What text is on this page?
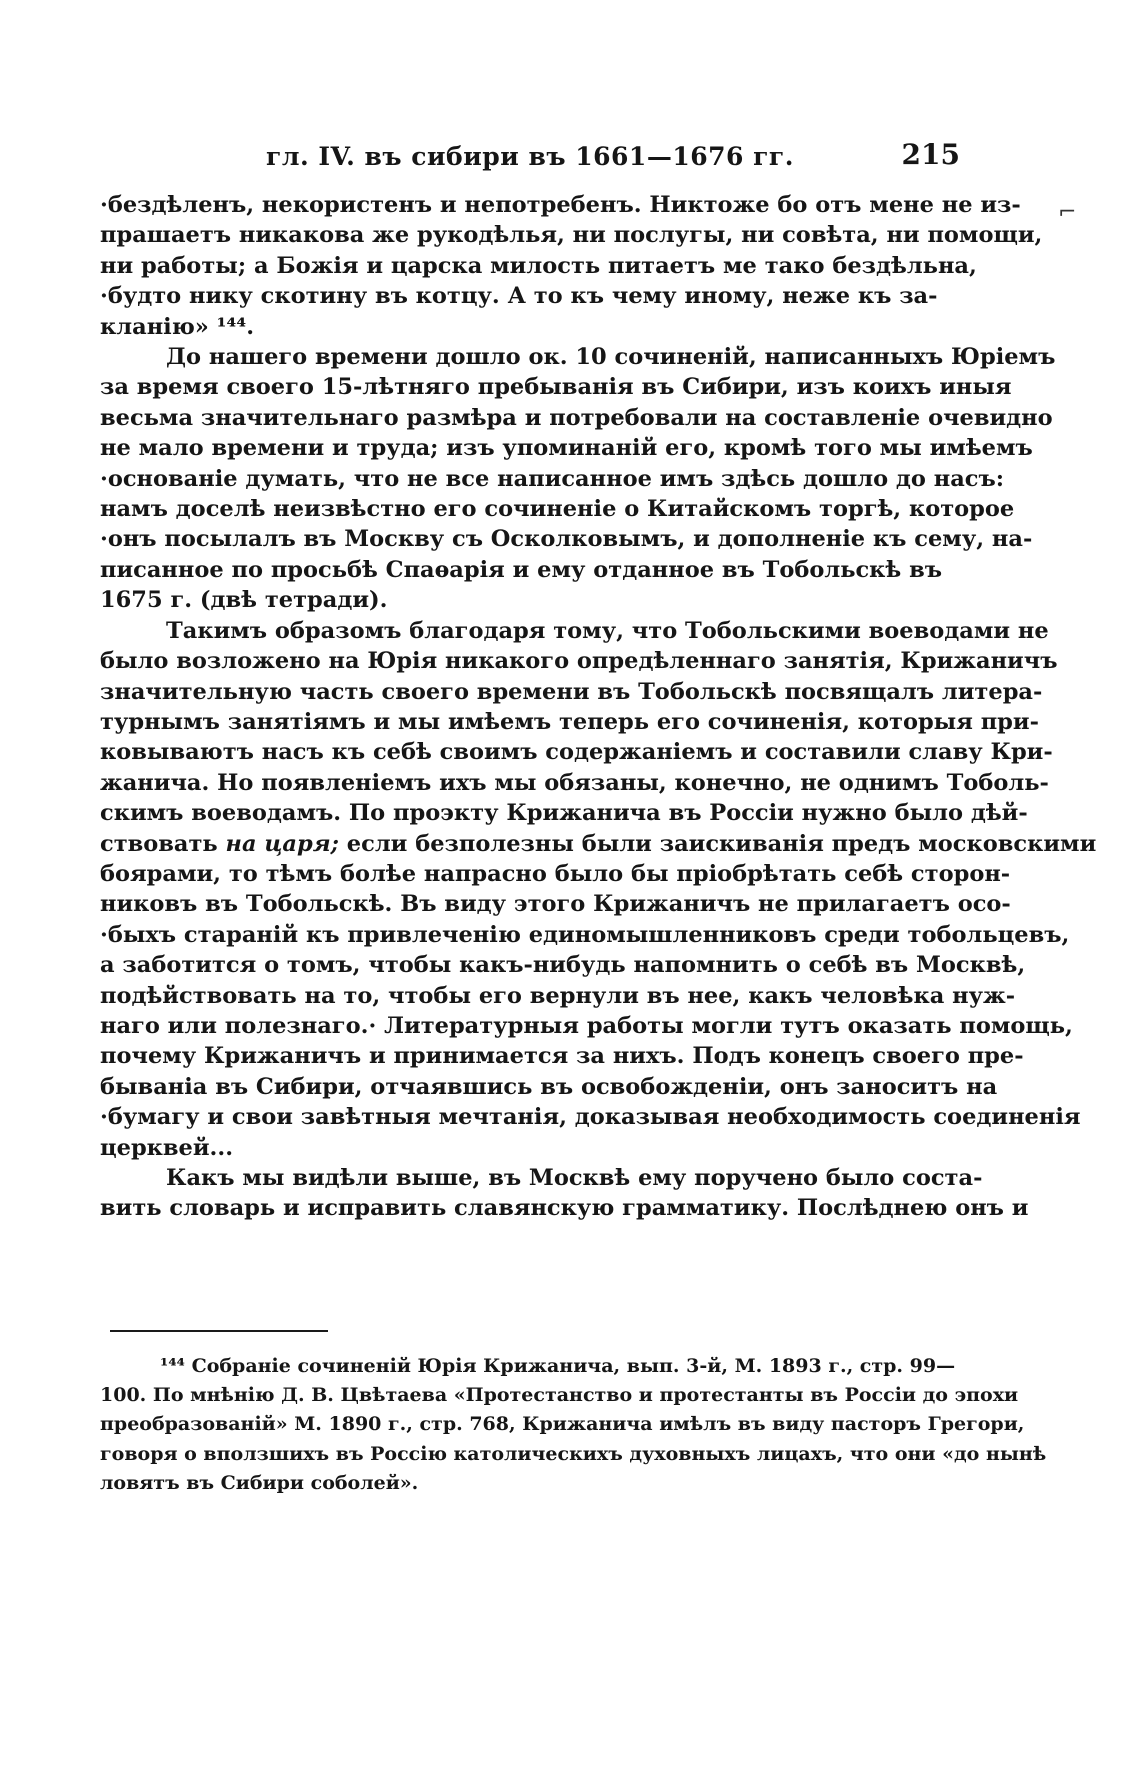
гл. IV. въ сибири въ 1661—1676 гг.	215
⌐
·бездѣленъ, некористенъ и непотребенъ. Никтоже бо отъ мене не из-
прашаетъ никакова же рукодѣлья, ни послугы, ни совѣта, ни помощи,
ни работы; а Божія и царска милость питаетъ ме тако бездѣльна,
·будто нику скотину въ котцу. А то къ чему иному, неже къ за-
кланію» ¹⁴⁴.
До нашего времени дошло ок. 10 сочиненій, написанныхъ Юріемъ
за время своего 15-лѣтняго пребыванія въ Сибири, изъ коихъ иныя
весьма значительнаго размѣра и потребовали на составленіе очевидно
не мало времени и труда; изъ упоминаній его, кромѣ того мы имѣемъ
·основаніе думать, что не все написанное имъ здѣсь дошло до насъ:
намъ доселѣ неизвѣстно его сочиненіе о Китайскомъ торгѣ, которое
·онъ посылалъ въ Москву съ Осколковымъ, и дополненіе къ сему, на-
писанное по просьбѣ Спаѳарія и ему отданное въ Тобольскѣ въ
1675 г. (двѣ тетради).
Такимъ образомъ благодаря тому, что Тобольскими воеводами не
было возложено на Юрія никакого опредѣленнаго занятія, Крижаничъ
значительную часть своего времени въ Тобольскѣ посвящалъ литера-
турнымъ занятіямъ и мы имѣемъ теперь его сочиненія, которыя при-
ковываютъ насъ къ себѣ своимъ содержаніемъ и составили славу Кри-
жанича. Но появленіемъ ихъ мы обязаны, конечно, не однимъ Тоболь-
скимъ воеводамъ. По проэкту Крижанича въ Россіи нужно было дѣй-
ствовать на царя; если безполезны были заискиванія предъ московскими
боярами, то тѣмъ болѣе напрасно было бы пріобрѣтать себѣ сторон-
никовъ въ Тобольскѣ. Въ виду этого Крижаничъ не прилагаетъ осо-
·быхъ стараній къ привлеченію единомышленниковъ среди тобольцевъ,
а заботится о томъ, чтобы какъ-нибудь напомнить о себѣ въ Москвѣ,
подѣйствовать на то, чтобы его вернули въ нее, какъ человѣка нуж-
наго или полезнаго.· Литературныя работы могли тутъ оказать помощь,
почему Крижаничъ и принимается за нихъ. Подъ конецъ своего пре-
бываніа въ Сибири, отчаявшись въ освобожденіи, онъ заноситъ на
·бумагу и свои завѣтныя мечтанія, доказывая необходимость соединенія
церквей...
Какъ мы видѣли выше, въ Москвѣ ему поручено было соста-
вить словарь и исправить славянскую грамматику. Послѣднею онъ и
¹⁴⁴ Собраніе сочиненій Юрія Крижанича, вып. 3-й, М. 1893 г., стр. 99—
100. По мнѣнію Д. В. Цвѣтаева «Протестанство и протестанты въ Россіи до эпохи
преобразованій» М. 1890 г., стр. 768, Крижанича имѣлъ въ виду пасторъ Грегори,
говоря о вползшихъ въ Россію католическихъ духовныхъ лицахъ, что они «до нынѣ
ловятъ въ Сибири соболей».
